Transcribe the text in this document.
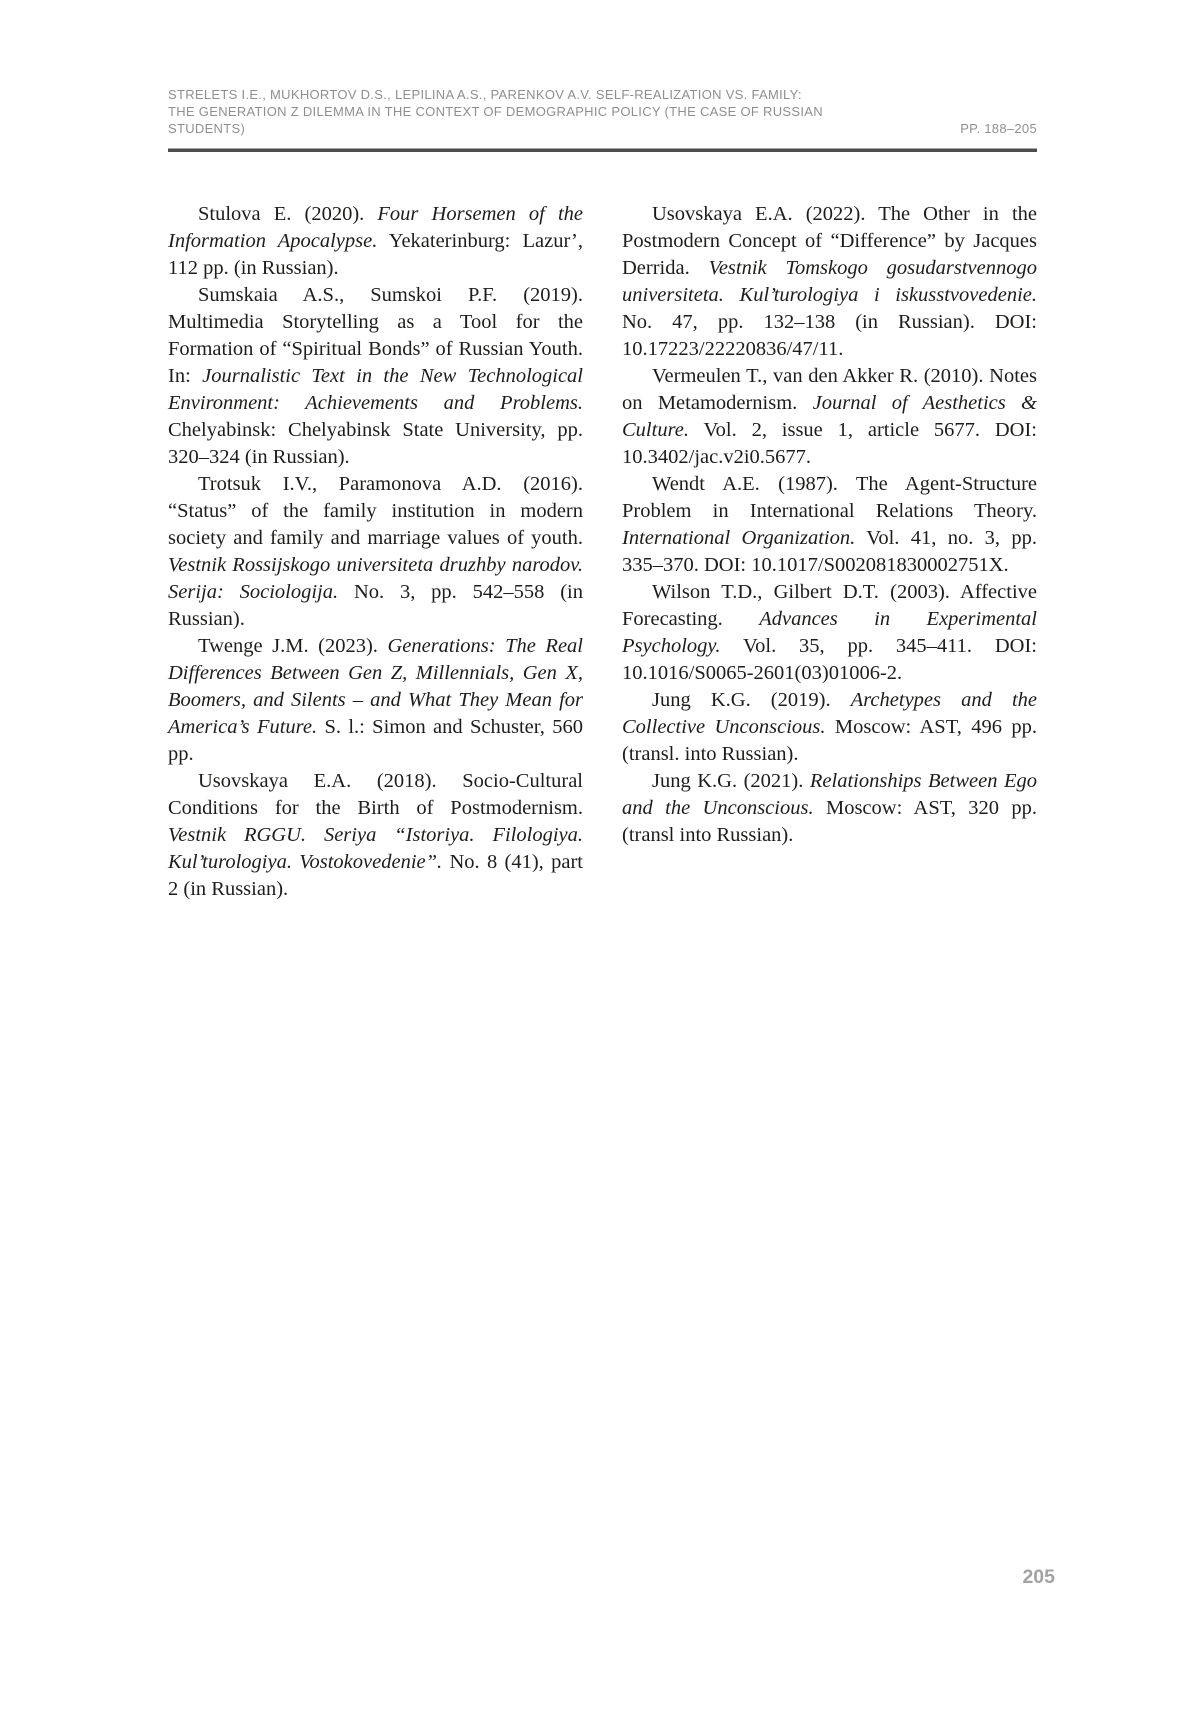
STRELETS I.E., MUKHORTOV D.S., LEPILINA A.S., PARENKOV A.V. SELF-REALIZATION VS. FAMILY:
THE GENERATION Z DILEMMA IN THE CONTEXT OF DEMOGRAPHIC POLICY (THE CASE OF RUSSIAN STUDENTS)	PP. 188–205

Stulova E. (2020). Four Horsemen of the Information Apocalypse. Yekaterinburg: Lazur’, 112 pp. (in Russian).

Sumskaia A.S., Sumskoi P.F. (2019). Multimedia Storytelling as a Tool for the Formation of “Spiritual Bonds” of Russian Youth. In: Journalistic Text in the New Technological Environment: Achievements and Problems. Chelyabinsk: Chelyabinsk State University, pp. 320–324 (in Russian).

Trotsuk I.V., Paramonova A.D. (2016). “Status” of the family institution in modern society and family and marriage values of youth. Vestnik Rossijskogo universiteta druzhby narodov. Serija: Sociologija. No. 3, pp. 542–558 (in Russian).

Twenge J.M. (2023). Generations: The Real Differences Between Gen Z, Millennials, Gen X, Boomers, and Silents – and What They Mean for America’s Future. S. l.: Simon and Schuster, 560 pp.

Usovskaya E.A. (2018). Socio-Cultural Conditions for the Birth of Postmodernism. Vestnik RGGU. Seriya “Istoriya. Filologiya. Kul’turologiya. Vostokovedenie”. No. 8 (41), part 2 (in Russian).

Usovskaya E.A. (2022). The Other in the Postmodern Concept of “Difference” by Jacques Derrida. Vestnik Tomskogo gosudarstvennogo universiteta. Kul’turologiya i iskusstvovedenie. No. 47, pp. 132–138 (in Russian). DOI: 10.17223/22220836/47/11.

Vermeulen T., van den Akker R. (2010). Notes on Metamodernism. Journal of Aesthetics & Culture. Vol. 2, issue 1, article 5677. DOI: 10.3402/jac.v2i0.5677.

Wendt A.E. (1987). The Agent-Structure Problem in International Relations Theory. International Organization. Vol. 41, no. 3, pp. 335–370. DOI: 10.1017/S002081830002751X.

Wilson T.D., Gilbert D.T. (2003). Affective Forecasting. Advances in Experimental Psychology. Vol. 35, pp. 345–411. DOI: 10.1016/S0065-2601(03)01006-2.

Jung K.G. (2019). Archetypes and the Collective Unconscious. Moscow: AST, 496 pp. (transl. into Russian).

Jung K.G. (2021). Relationships Between Ego and the Unconscious. Moscow: AST, 320 pp. (transl into Russian).

205
